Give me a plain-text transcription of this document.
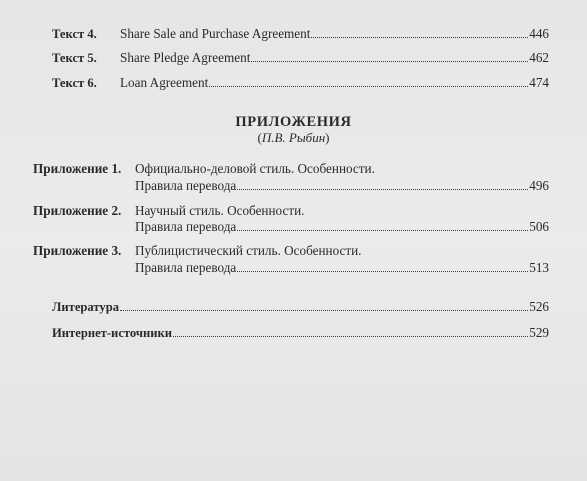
Текст 4.	Share Sale and Purchase Agreement	446
Текст 5.	Share Pledge Agreement	462
Текст 6.	Loan Agreement	474
ПРИЛОЖЕНИЯ
(П.В. Рыбин)
Приложение 1. Официально-деловой стиль. Особенности.
Правила перевода	496
Приложение 2. Научный стиль. Особенности.
Правила перевода	506
Приложение 3. Публицистический стиль. Особенности.
Правила перевода	513
Литература	526
Интернет-источники	529
